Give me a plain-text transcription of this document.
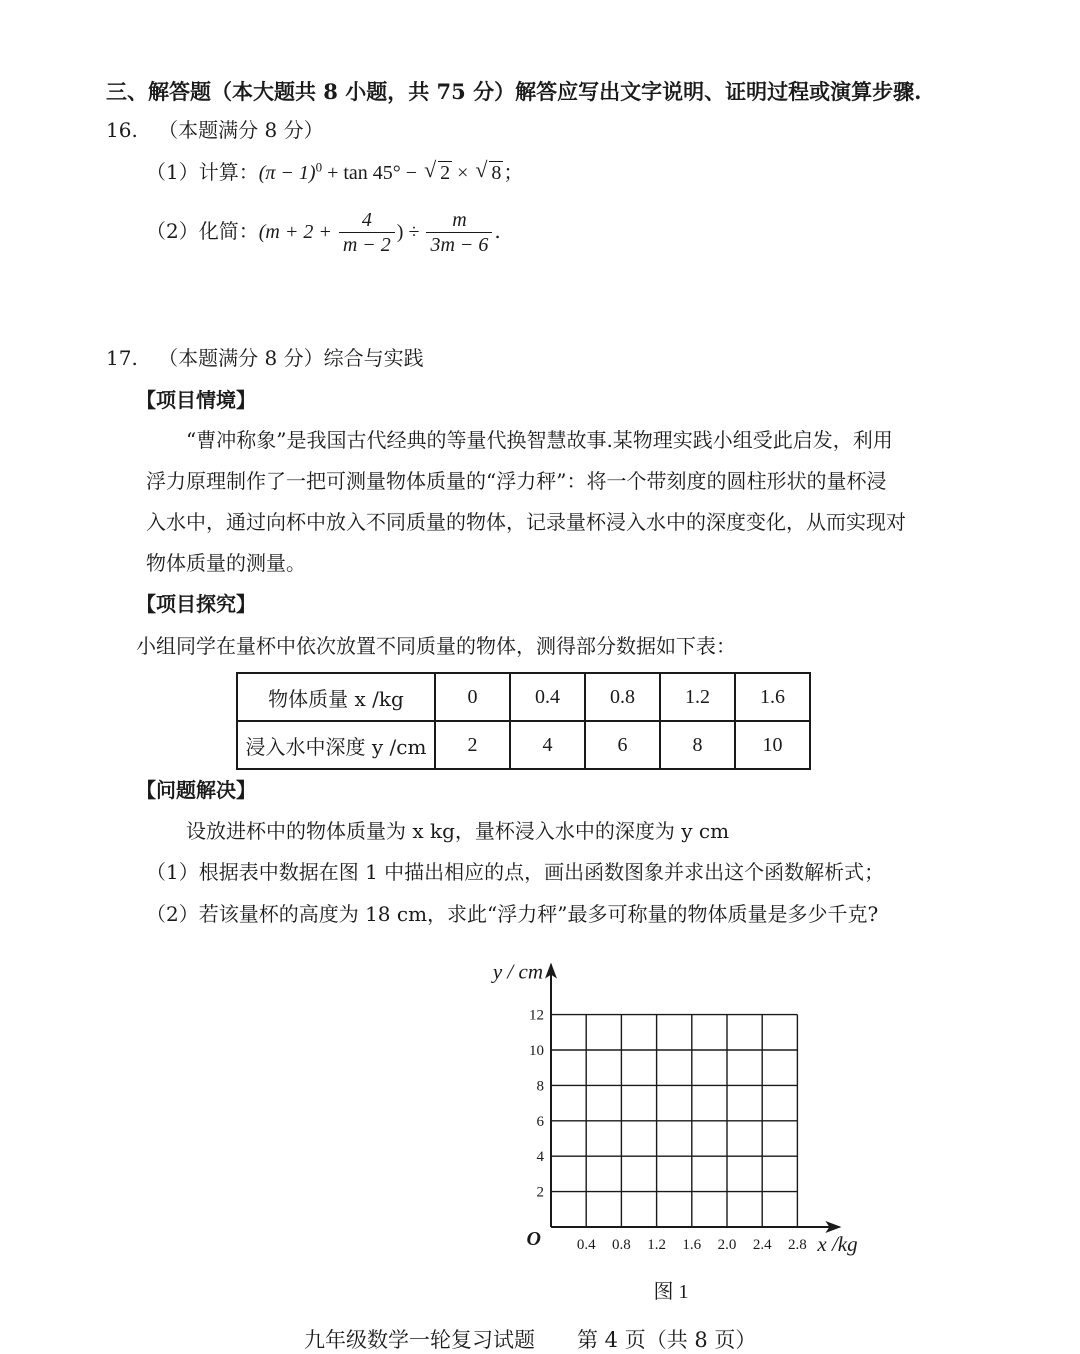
三、解答题（本大题共 8 小题，共 75 分）解答应写出文字说明、证明过程或演算步骤.
16. （本题满分 8 分）
（1）计算：$(\pi - 1)^0 + \tan 45^\circ$ − √ 2 × √ 8 ；
（2）化简：($m + 2 + \frac{4}{m - 2}$ ) ÷ $\frac{m}{3m - 6}$ .
17. （本题满分 8 分）综合与实践
【项目情境】
“曹冲称象”是我国古代经典的等量代换智慧故事.某物理实践小组受此启发，利用
浮力原理制作了一把可测量物体质量的“浮力秤”：将一个带刻度的圆柱形状的量杯浸
入水中，通过向杯中放入不同质量的物体，记录量杯浸入水中的深度变化，从而实现对
物体质量的测量。
【项目探究】
小组同学在量杯中依次放置不同质量的物体，测得部分数据如下表：
物体质量 x /kg	0	0.4	0.8	1.2	1.6
浸入水中深度 y /cm	2	4	6	8	10
【问题解决】
设放进杯中的物体质量为 x kg，量杯浸入水中的深度为 y cm
（1）根据表中数据在图 1 中描出相应的点，画出函数图象并求出这个函数解析式；
（2）若该量杯的高度为 18 cm，求此“浮力秤”最多可称量的物体质量是多少千克?
0.4 0.8 1.2 1.6 2.0 2.4 2.8
2
4
6
8
10
12
O	x /kg
y / cm
图 1
九年级数学一轮复习试题　　第 4 页（共 8 页）
